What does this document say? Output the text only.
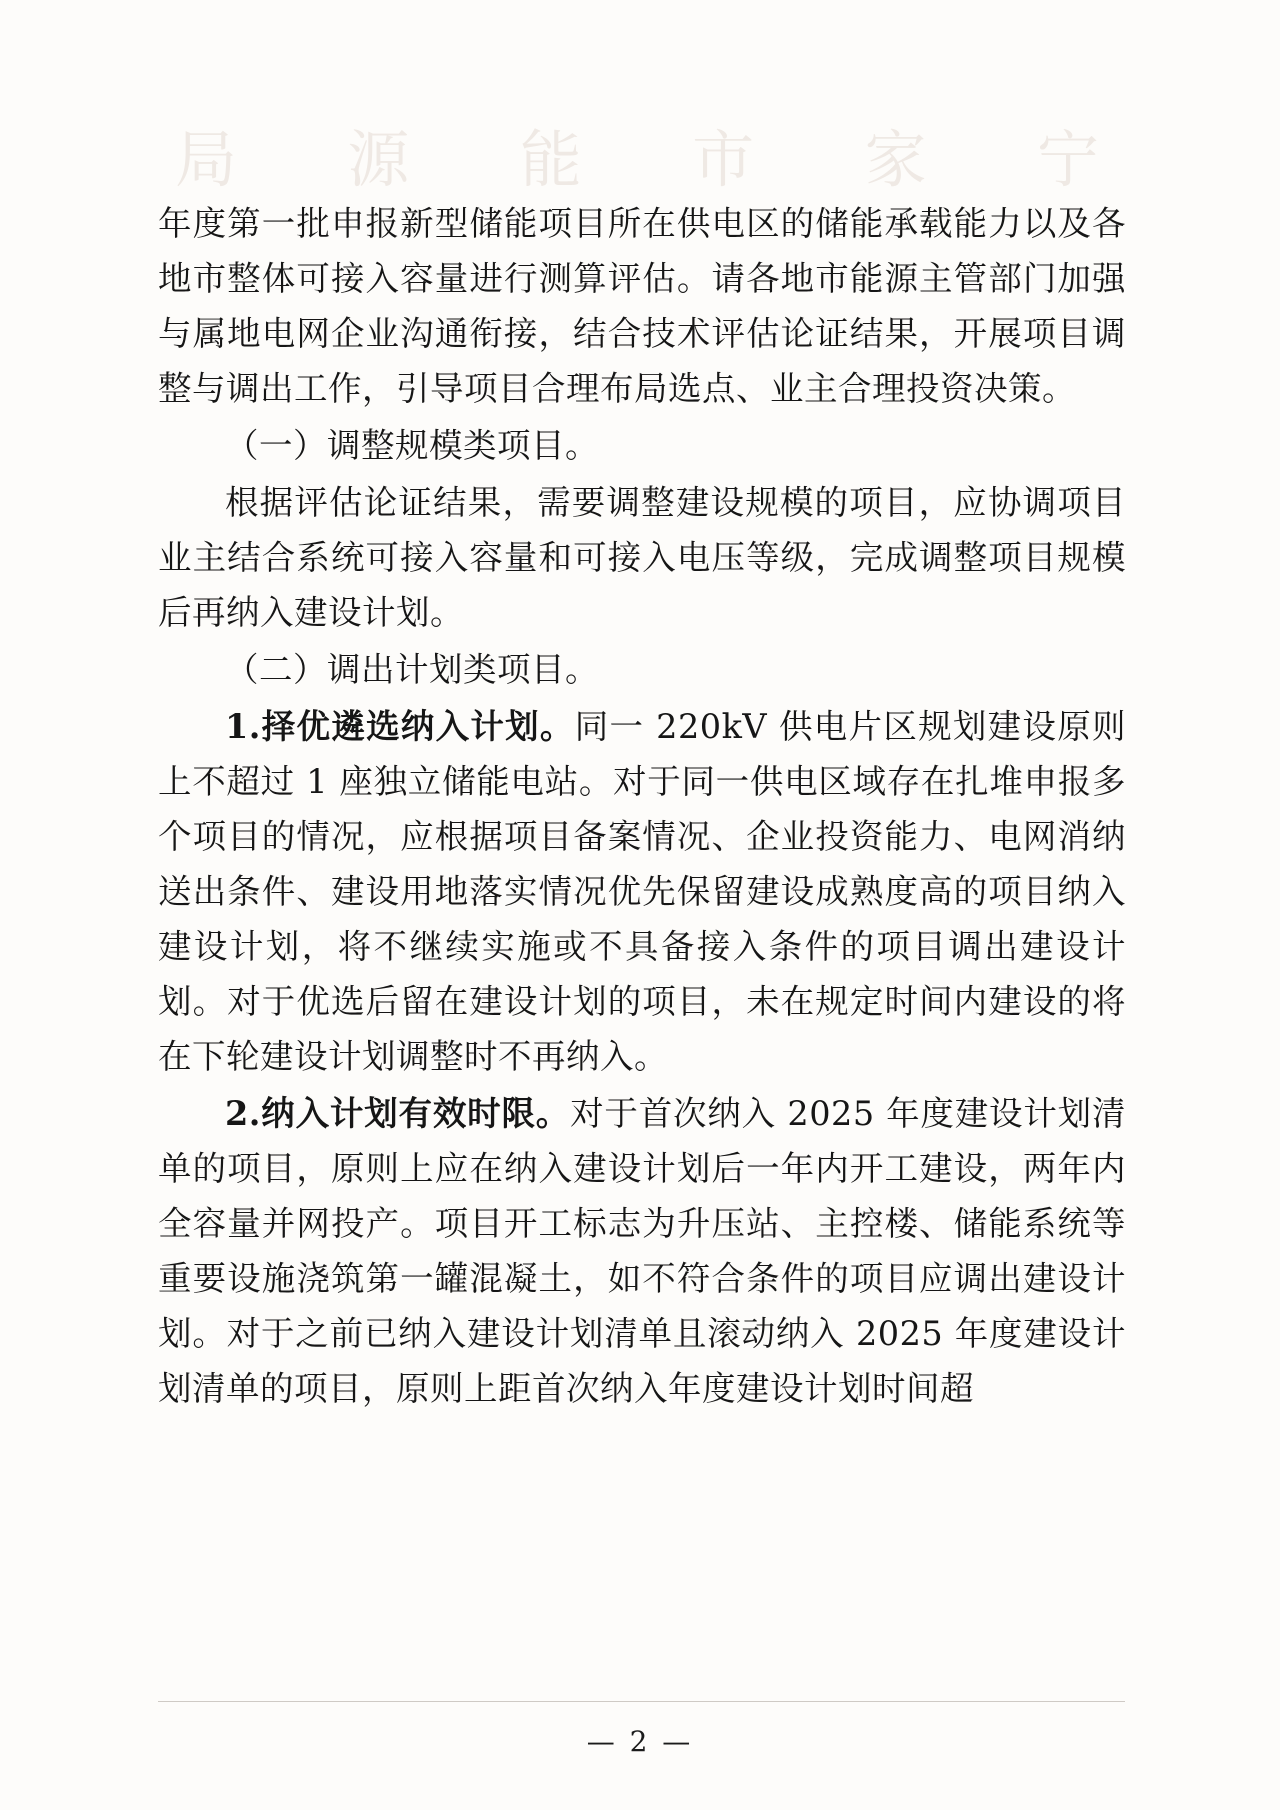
局 源 能 市 家 宁

年度第一批申报新型储能项目所在供电区的储能承载能力以及各地市整体可接入容量进行测算评估。请各地市能源主管部门加强与属地电网企业沟通衔接，结合技术评估论证结果，开展项目调整与调出工作，引导项目合理布局选点、业主合理投资决策。

（一）调整规模类项目。

根据评估论证结果，需要调整建设规模的项目，应协调项目业主结合系统可接入容量和可接入电压等级，完成调整项目规模后再纳入建设计划。

（二）调出计划类项目。

1.择优遴选纳入计划。同一 220kV 供电片区规划建设原则上不超过 1 座独立储能电站。对于同一供电区域存在扎堆申报多个项目的情况，应根据项目备案情况、企业投资能力、电网消纳送出条件、建设用地落实情况优先保留建设成熟度高的项目纳入建设计划，将不继续实施或不具备接入条件的项目调出建设计划。对于优选后留在建设计划的项目，未在规定时间内建设的将在下轮建设计划调整时不再纳入。

2.纳入计划有效时限。对于首次纳入 2025 年度建设计划清单的项目，原则上应在纳入建设计划后一年内开工建设，两年内全容量并网投产。项目开工标志为升压站、主控楼、储能系统等重要设施浇筑第一罐混凝土，如不符合条件的项目应调出建设计划。对于之前已纳入建设计划清单且滚动纳入 2025 年度建设计划清单的项目，原则上距首次纳入年度建设计划时间超

— 2 —
